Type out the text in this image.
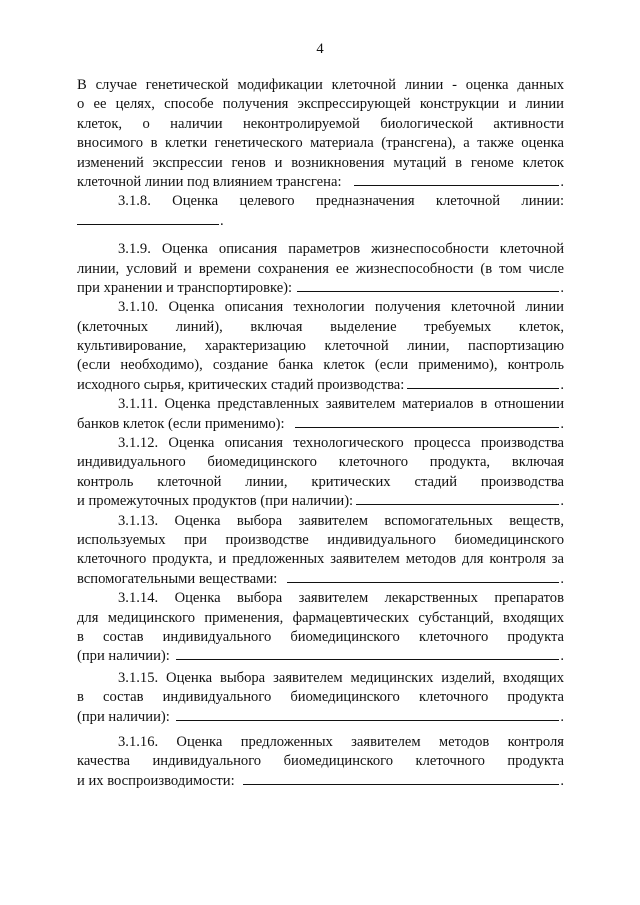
4
В случае генетической модификации клеточной линии - оценка данных
о ее целях, способе получения экспрессирующей конструкции и линии
клеток, о наличии неконтролируемой биологической активности
вносимого в клетки генетического материала (трансгена), а также оценка
изменений экспрессии генов и возникновения мутаций в геноме клеток
клеточной линии под влиянием трансгена:	.
3.1.8. Оценка целевого предназначения клеточной линии:
.
3.1.9. Оценка описания параметров жизнеспособности клеточной
линии, условий и времени сохранения ее жизнеспособности (в том числе
при хранении и транспортировке):	.
3.1.10. Оценка описания технологии получения клеточной линии
(клеточных линий), включая выделение требуемых клеток,
культивирование, характеризацию клеточной линии, паспортизацию
(если необходимо), создание банка клеток (если применимо), контроль
исходного сырья, критических стадий производства:	.
3.1.11. Оценка представленных заявителем материалов в отношении
банков клеток (если применимо):	.
3.1.12. Оценка описания технологического процесса производства
индивидуального биомедицинского клеточного продукта, включая
контроль клеточной линии, критических стадий производства
и промежуточных продуктов (при наличии):	.
3.1.13. Оценка выбора заявителем вспомогательных веществ,
используемых при производстве индивидуального биомедицинского
клеточного продукта, и предложенных заявителем методов для контроля за
вспомогательными веществами:	.
3.1.14. Оценка выбора заявителем лекарственных препаратов
для медицинского применения, фармацевтических субстанций, входящих
в состав индивидуального биомедицинского клеточного продукта
(при наличии):	.
3.1.15. Оценка выбора заявителем медицинских изделий, входящих
в состав индивидуального биомедицинского клеточного продукта
(при наличии):	.
3.1.16. Оценка предложенных заявителем методов контроля
качества индивидуального биомедицинского клеточного продукта
и их воспроизводимости:	.
